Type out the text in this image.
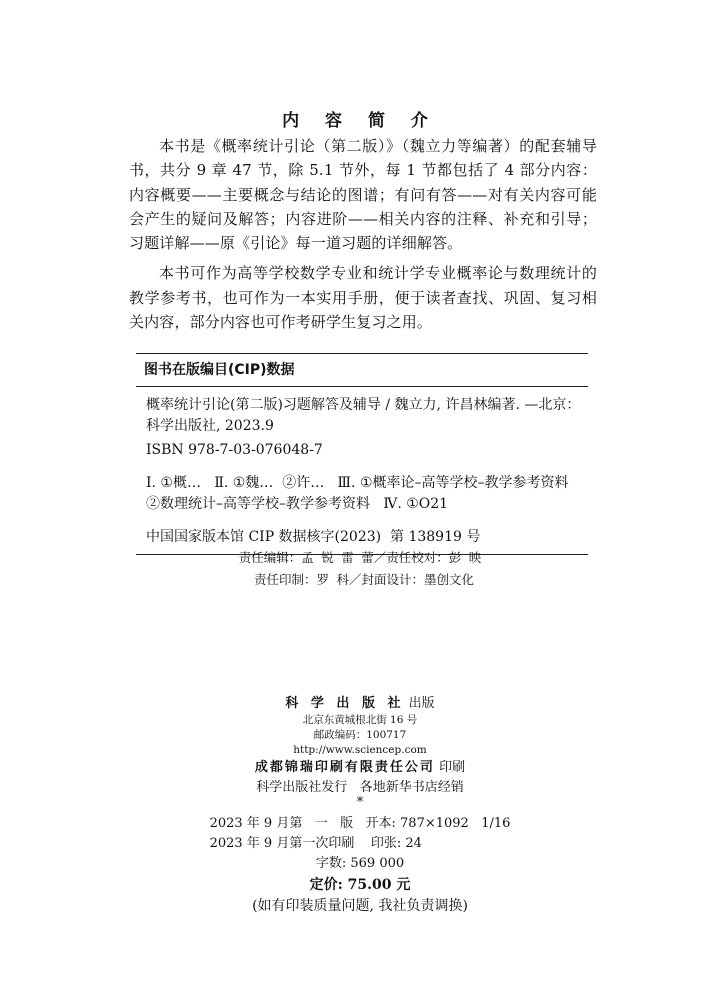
内 容 简 介

本书是《概率统计引论（第二版）》（魏立力等编著）的配套辅导书，共分 9 章 47 节，除 5.1 节外，每 1 节都包括了 4 部分内容：内容概要——主要概念与结论的图谱；有问有答——对有关内容可能会产生的疑问及解答；内容进阶——相关内容的注释、补充和引导；习题详解——原《引论》每一道习题的详细解答。

本书可作为高等学校数学专业和统计学专业概率论与数理统计的教学参考书，也可作为一本实用手册，便于读者查找、巩固、复习相关内容，部分内容也可作考研学生复习之用。

图书在版编目(CIP)数据

概率统计引论(第二版)习题解答及辅导 / 魏立力, 许昌林编著. —北京：科学出版社, 2023.9

ISBN 978-7-03-076048-7

Ⅰ. ①概…   Ⅱ. ①魏…  ②许…   Ⅲ. ①概率论–高等学校–教学参考资料

②数理统计–高等学校–教学参考资料   Ⅳ. ①O21

中国国家版本馆 CIP 数据核字(2023)  第 138919 号

责任编辑：孟 锐 雷 蕾／责任校对：彭 映
责任印制：罗 科／封面设计：墨创文化
科 学 出 版 社 出版
北京东黄城根北街 16 号
邮政编码：100717
http://www.sciencep.com
成都锦瑞印刷有限责任公司 印刷
科学出版社发行   各地新华书店经销
*
2023 年 9 月第   一   版   开本: 787×1092   1/16
2023 年 9 月第一次印刷    印张: 24
字数: 569 000
定价: 75.00 元
(如有印装质量问题, 我社负责调换)
